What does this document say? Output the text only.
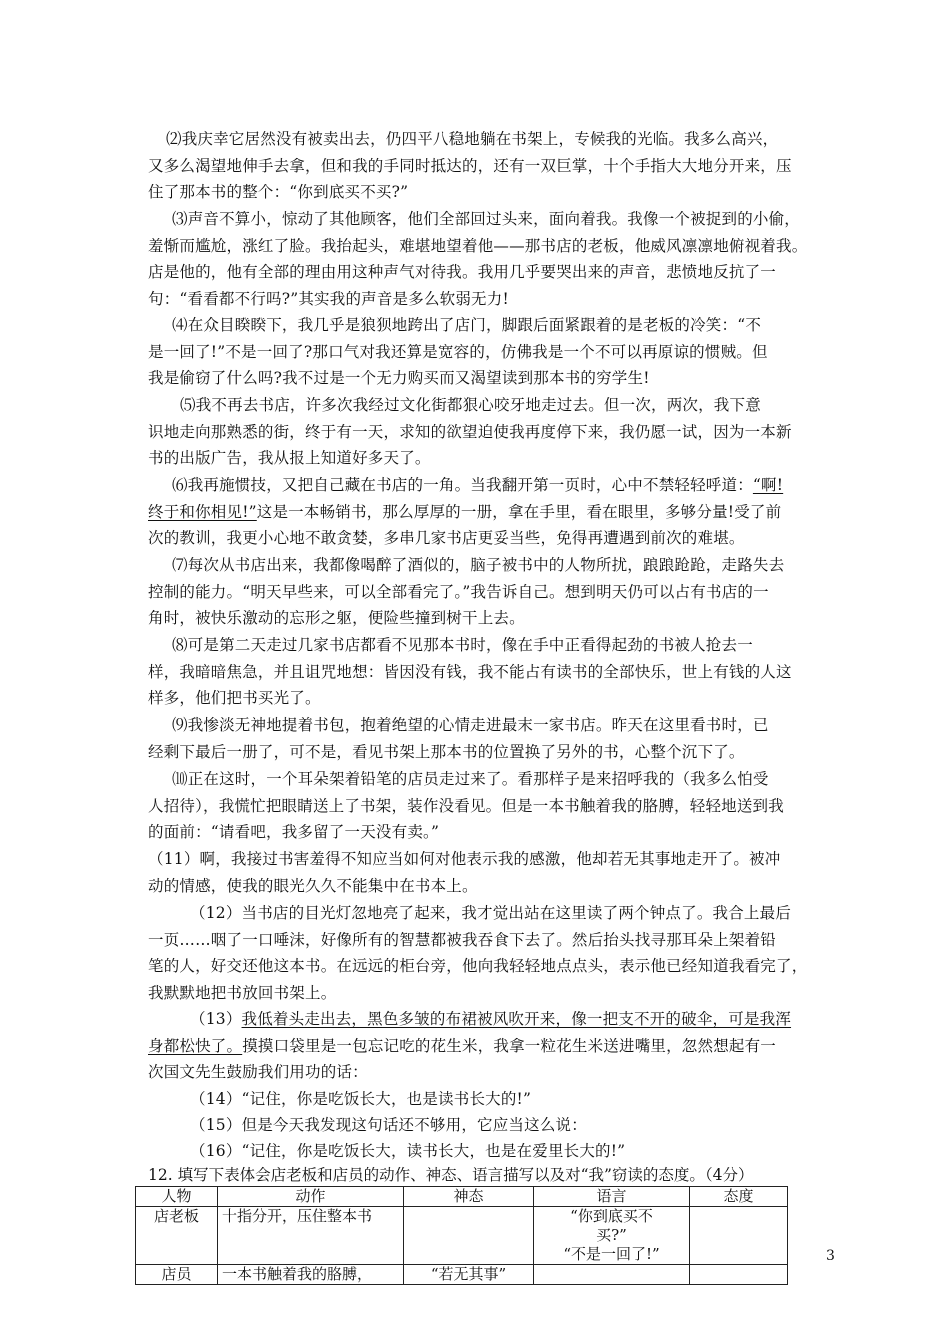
⑵我庆幸它居然没有被卖出去，仍四平八稳地躺在书架上，专候我的光临。我多么高兴，
又多么渴望地伸手去拿，但和我的手同时抵达的，还有一双巨掌，十个手指大大地分开来，压
住了那本书的整个：“你到底买不买?”

⑶声音不算小，惊动了其他顾客，他们全部回过头来，面向着我。我像一个被捉到的小偷，
羞惭而尴尬，涨红了脸。我抬起头，难堪地望着他——那书店的老板，他威风凛凛地俯视着我。
店是他的，他有全部的理由用这种声气对待我。我用几乎要哭出来的声音，悲愤地反抗了一
句：“看看都不行吗?”其实我的声音是多么软弱无力!

⑷在众目睽睽下，我几乎是狼狈地跨出了店门，脚跟后面紧跟着的是老板的冷笑：“不
是一回了!”不是一回了?那口气对我还算是宽容的，仿佛我是一个不可以再原谅的惯贼。但
我是偷窃了什么吗?我不过是一个无力购买而又渴望读到那本书的穷学生!

⑸我不再去书店，许多次我经过文化街都狠心咬牙地走过去。但一次，两次，我下意
识地走向那熟悉的街，终于有一天，求知的欲望迫使我再度停下来，我仍愿一试，因为一本新
书的出版广告，我从报上知道好多天了。

⑹我再施惯技，又把自己藏在书店的一角。当我翻开第一页时，心中不禁轻轻呼道：“啊!
终于和你相见!”这是一本畅销书，那么厚厚的一册，拿在手里，看在眼里，多够分量!受了前
次的教训，我更小心地不敢贪婪，多串几家书店更妥当些，免得再遭遇到前次的难堪。

⑺每次从书店出来，我都像喝醉了酒似的，脑子被书中的人物所扰，踉踉跄跄，走路失去
控制的能力。“明天早些来，可以全部看完了。”我告诉自己。想到明天仍可以占有书店的一
角时，被快乐激动的忘形之躯，便险些撞到树干上去。

⑻可是第二天走过几家书店都看不见那本书时，像在手中正看得起劲的书被人抢去一
样，我暗暗焦急，并且诅咒地想：皆因没有钱，我不能占有读书的全部快乐，世上有钱的人这
样多，他们把书买光了。

⑼我惨淡无神地提着书包，抱着绝望的心情走进最末一家书店。昨天在这里看书时，已
经剩下最后一册了，可不是，看见书架上那本书的位置换了另外的书，心整个沉下了。

⑽正在这时，一个耳朵架着铅笔的店员走过来了。看那样子是来招呼我的（我多么怕受
人招待），我慌忙把眼睛送上了书架，装作没看见。但是一本书触着我的胳膊，轻轻地送到我
的面前：“请看吧，我多留了一天没有卖。”

（11）啊，我接过书害羞得不知应当如何对他表示我的感激，他却若无其事地走开了。被冲
动的情感，使我的眼光久久不能集中在书本上。

（12）当书店的目光灯忽地亮了起来，我才觉出站在这里读了两个钟点了。我合上最后
一页……咽了一口唾沫，好像所有的智慧都被我吞食下去了。然后抬头找寻那耳朵上架着铅
笔的人，好交还他这本书。在远远的柜台旁，他向我轻轻地点点头，表示他已经知道我看完了，
我默默地把书放回书架上。

（13）我低着头走出去，黑色多皱的布裙被风吹开来，像一把支不开的破伞，可是我浑
身都松快了。摸摸口袋里是一包忘记吃的花生米，我拿一粒花生米送进嘴里，忽然想起有一
次国文先生鼓励我们用功的话：

（14）“记住，你是吃饭长大，也是读书长大的!”

（15）但是今天我发现这句话还不够用，它应当这么说：

（16）“记住，你是吃饭长大，读书长大，也是在爱里长大的!”

12. 填写下表体会店老板和店员的动作、神态、语言描写以及对“我”窃读的态度。（4分）
人物	动作	神态	语言	态度
店老板	十指分开，压住整本书		“你到底买不
买?”
“不是一回了!”	

店员	一本书触着我的胳膊，	“若无其事”		
3
